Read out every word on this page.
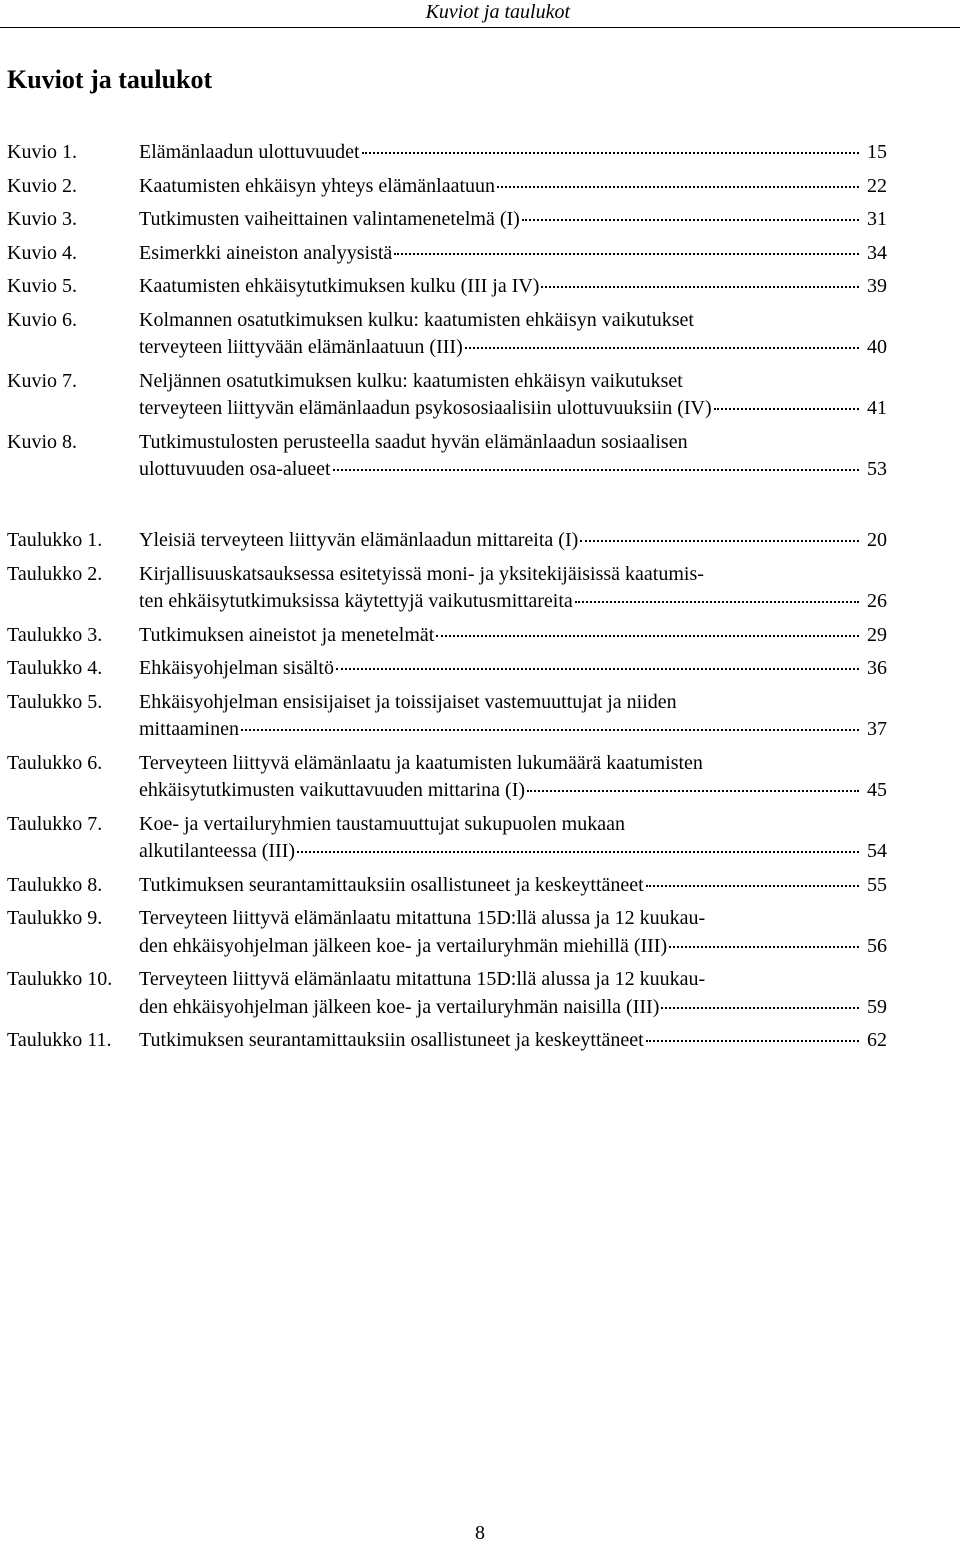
Kuviot ja taulukot
Kuviot ja taulukot
Kuvio 1.	Elämänlaadun ulottuvuudet	15
Kuvio 2.	Kaatumisten ehkäisyn yhteys elämänlaatuun	22
Kuvio 3.	Tutkimusten vaiheittainen valintamenetelmä (I)	31
Kuvio 4.	Esimerkki aineiston analyysistä	34
Kuvio 5.	Kaatumisten ehkäisytutkimuksen kulku (III ja IV)	39
Kuvio 6.	Kolmannen osatutkimuksen kulku: kaatumisten ehkäisyn vaikutukset
terveyteen liittyvään elämänlaatuun (III)	40
Kuvio 7.	Neljännen osatutkimuksen kulku: kaatumisten ehkäisyn vaikutukset
terveyteen liittyvän elämänlaadun psykososiaalisiin ulottuvuuksiin (IV)	41
Kuvio 8.	Tutkimustulosten perusteella saadut hyvän elämänlaadun sosiaalisen
ulottuvuuden osa-alueet	53
Taulukko 1.	Yleisiä terveyteen liittyvän elämänlaadun mittareita (I)	20
Taulukko 2.	Kirjallisuuskatsauksessa esitetyissä moni- ja yksitekijäisissä kaatumis-
ten ehkäisytutkimuksissa käytettyjä vaikutusmittareita	26
Taulukko 3.	Tutkimuksen aineistot ja menetelmät	29
Taulukko 4.	Ehkäisyohjelman sisältö	36
Taulukko 5.	Ehkäisyohjelman ensisijaiset ja toissijaiset vastemuuttujat ja niiden
mittaaminen	37
Taulukko 6.	Terveyteen liittyvä elämänlaatu ja kaatumisten lukumäärä kaatumisten
ehkäisytutkimusten vaikuttavuuden mittarina (I)	45
Taulukko 7.	Koe- ja vertailuryhmien taustamuuttujat sukupuolen mukaan
alkutilanteessa (III)	54
Taulukko 8.	Tutkimuksen seurantamittauksiin osallistuneet ja keskeyttäneet	55
Taulukko 9.	Terveyteen liittyvä elämänlaatu mitattuna 15D:llä alussa ja 12 kuukau-
den ehkäisyohjelman jälkeen koe- ja vertailuryhmän miehillä (III)	56
Taulukko 10.	Terveyteen liittyvä elämänlaatu mitattuna 15D:llä alussa ja 12 kuukau-
den ehkäisyohjelman jälkeen koe- ja vertailuryhmän naisilla (III)	59
Taulukko 11.	Tutkimuksen seurantamittauksiin osallistuneet ja keskeyttäneet	62
8
